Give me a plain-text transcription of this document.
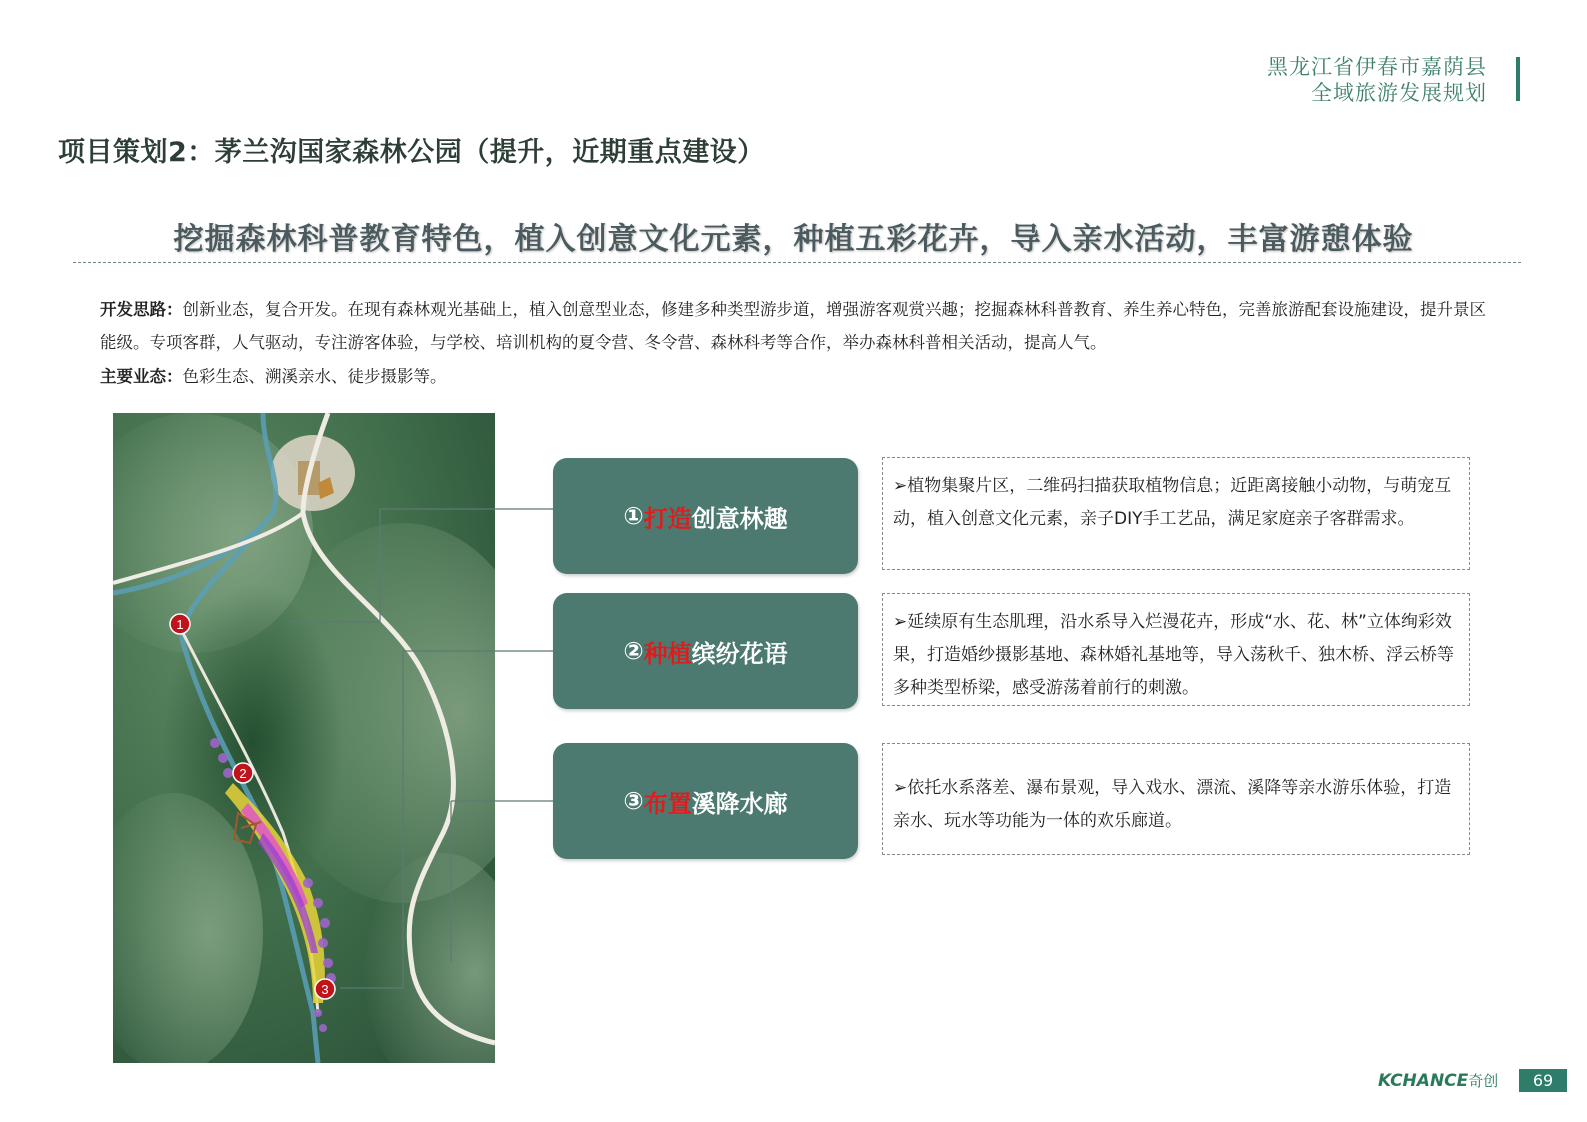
黑龙江省伊春市嘉荫县
全域旅游发展规划
项目策划2：茅兰沟国家森林公园（提升，近期重点建设）
挖掘森林科普教育特色，植入创意文化元素，种植五彩花卉，导入亲水活动，丰富游憩体验
开发思路：创新业态，复合开发。在现有森林观光基础上，植入创意型业态，修建多种类型游步道，增强游客观赏兴趣；挖掘森林科普教育、养生养心特色，完善旅游配套设施建设，提升景区能级。专项客群，人气驱动，专注游客体验，与学校、培训机构的夏令营、冬令营、森林科考等合作，举办森林科普相关活动，提高人气。
主要业态：色彩生态、溯溪亲水、徒步摄影等。
1
2
3
① 打造 创意林趣
② 种植 缤纷花语
③ 布置 溪降水廊
➢植物集聚片区，二维码扫描获取植物信息；近距离接触小动物，与萌宠互动，植入创意文化元素，亲子DIY手工艺品，满足家庭亲子客群需求。
➢延续原有生态肌理，沿水系导入烂漫花卉，形成“水、花、林”立体绚彩效果，打造婚纱摄影基地、森林婚礼基地等，导入荡秋千、独木桥、浮云桥等多种类型桥梁，感受游荡着前行的刺激。
➢依托水系落差、瀑布景观，导入戏水、漂流、溪降等亲水游乐体验，打造亲水、玩水等功能为一体的欢乐廊道。
KCHANCE奇创	69
